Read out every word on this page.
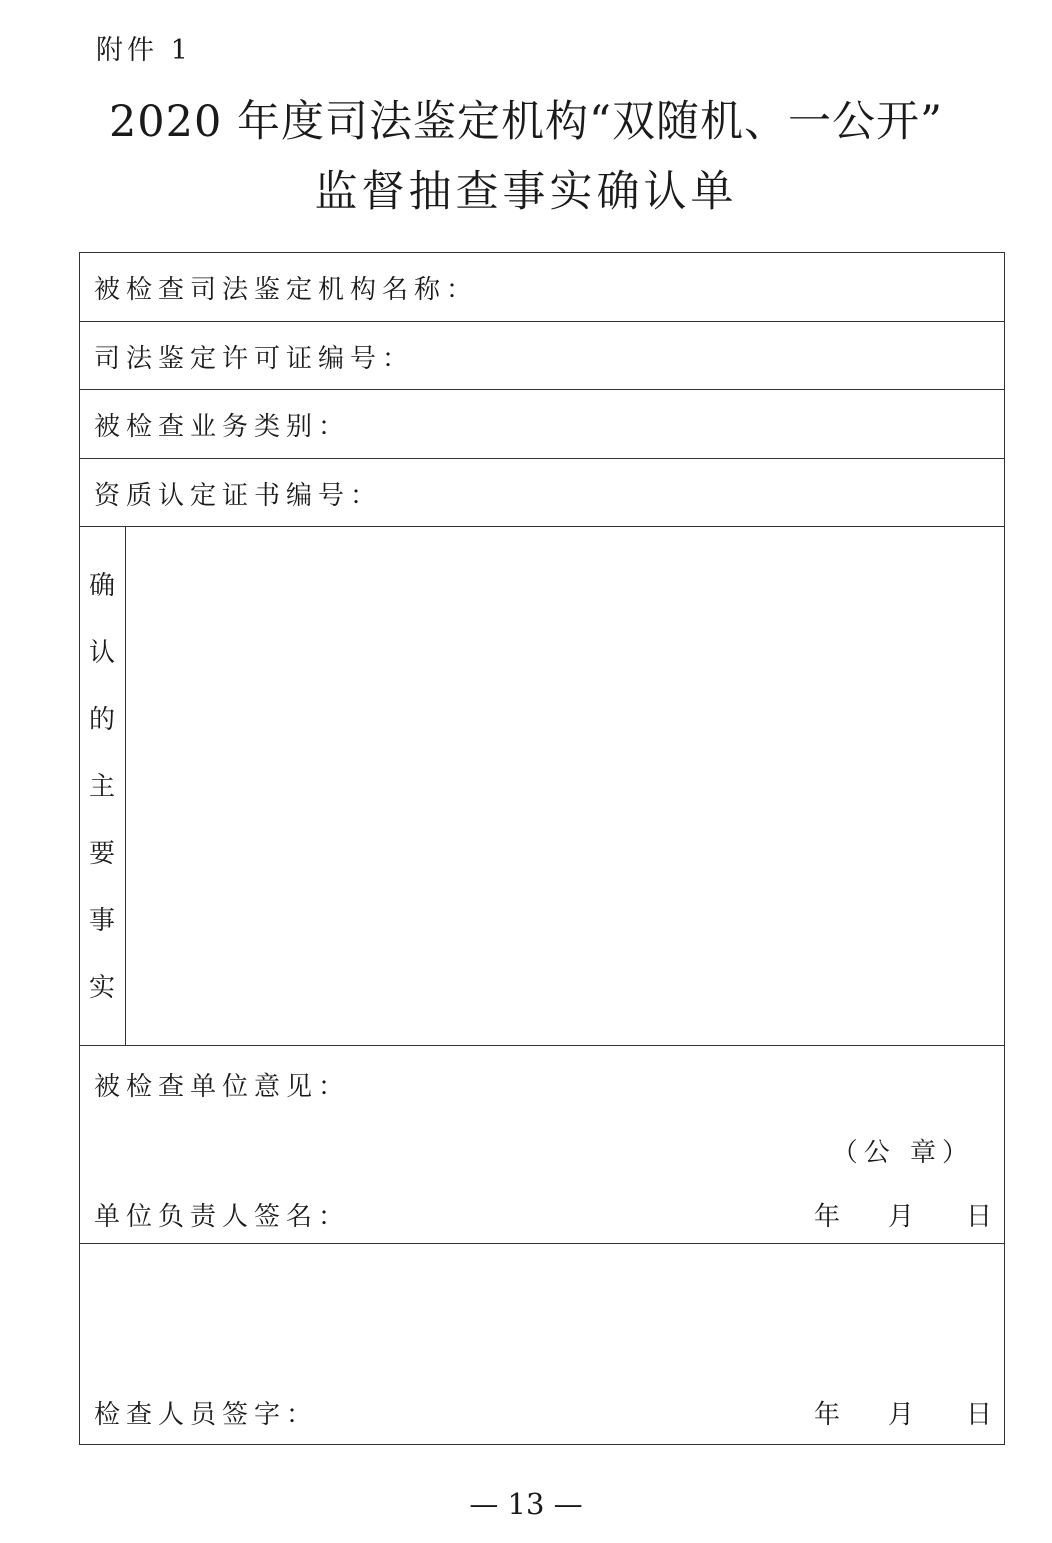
附件 1
2020 年度司法鉴定机构“双随机、一公开”
监督抽查事实确认单
被检查司法鉴定机构名称：
司法鉴定许可证编号：
被检查业务类别：
资质认定证书编号：
确
认
的
主
要
事
实
被检查单位意见：
（公 章）
单位负责人签名：	年 月 日
检查人员签字：	年 月 日
— 13 —
